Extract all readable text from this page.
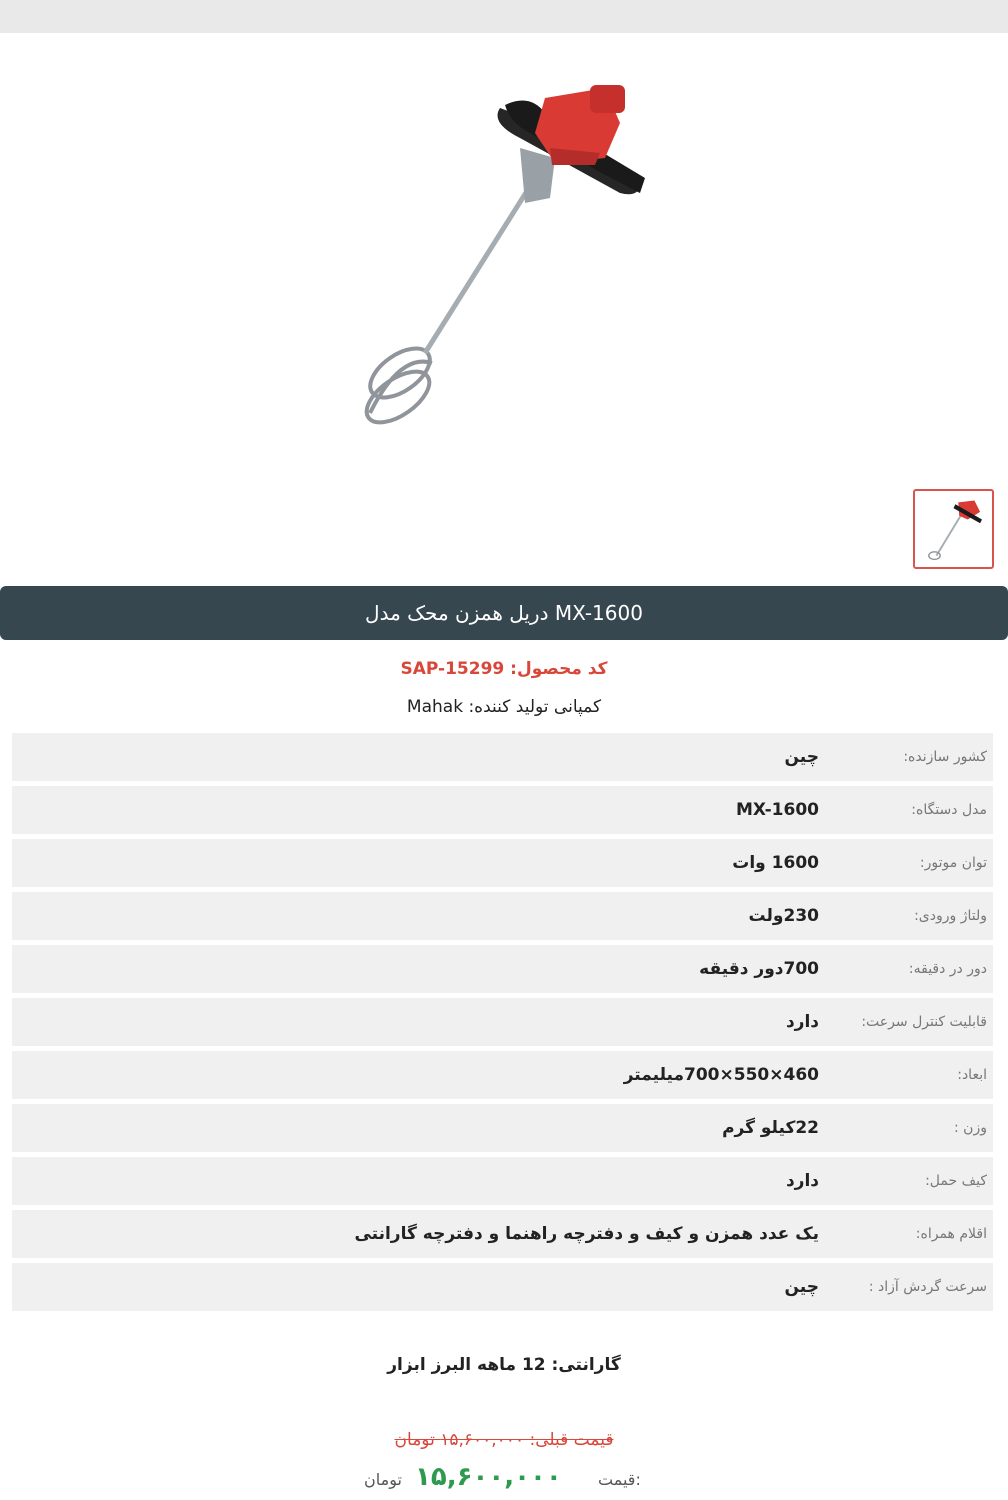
دریل همزن محک مدل MX-1600
کد محصول: SAP-15299
کمپانی تولید کننده: Mahak
کشور سازنده:
چین
مدل دستگاه:
MX-1600
توان موتور:
1600 وات
ولتاژ ورودی:
230ولت
دور در دقیقه:
700دور دقیقه
قابلیت کنترل سرعت:
دارد
ابعاد:
460×550×700میلیمتر
وزن :
22کیلو گرم
کیف حمل:
دارد
اقلام همراه:
یک عدد همزن و کیف و دفترچه راهنما و دفترچه گارانتی
سرعت گردش آزاد :
چین
گارانتی: 12 ماهه البرز ابزار
قیمت قبلی: ۱۵,۶۰۰,۰۰۰ تومان
قیمت:
۱۵,۶۰۰,۰۰۰
تومان
